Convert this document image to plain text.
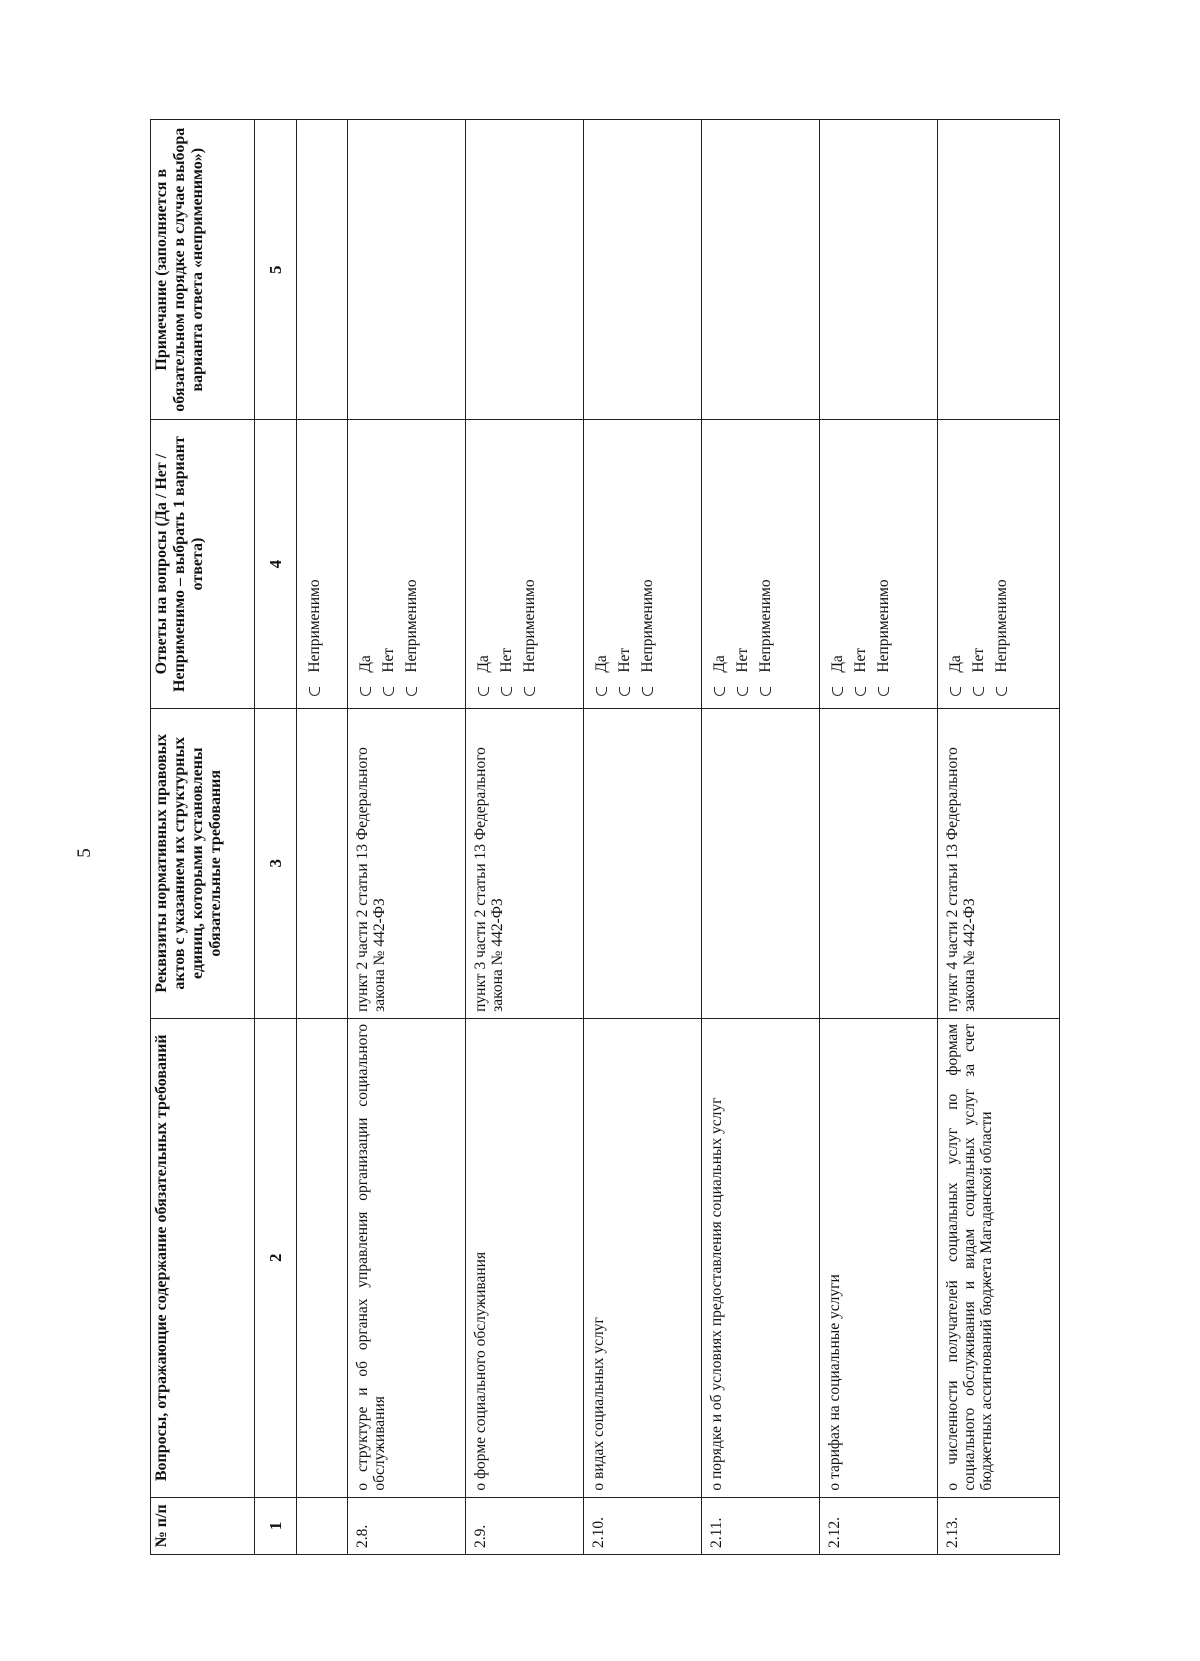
5
№ п/п	Вопросы, отражающие содержание обязательных требований	Реквизиты нормативных правовых актов с указанием их структурных единиц, которыми установлены обязательные требования	Ответы на вопросы (Да / Нет / Неприменимо – выбрать 1 вариант ответа)	Примечание (заполняется в обязательном порядке в случае выбора варианта ответа «неприменимо»)
1	2	3	4	5

			Неприменимо	

2.8.	о структуре и об органах управления организации социального обслуживания	пункт 2 части 2 статьи 13 Федерального закона № 442-ФЗ	Да Нет Неприменимо	

2.9.	о форме социального обслуживания	пункт 3 части 2 статьи 13 Федерального закона № 442-ФЗ	Да Нет Неприменимо	

2.10.	о видах социальных услуг		Да Нет Неприменимо	

2.11.	о порядке и об условиях предоставления социальных услуг		Да Нет Неприменимо	

2.12.	о тарифах на социальные услуги		Да Нет Неприменимо	

2.13.	о численности получателей социальных услуг по формам социального обслуживания и видам социальных услуг за счет бюджетных ассигнований бюджета Магаданской области	пункт 4 части 2 статьи 13 Федерального закона № 442-ФЗ	Да Нет Неприменимо	
